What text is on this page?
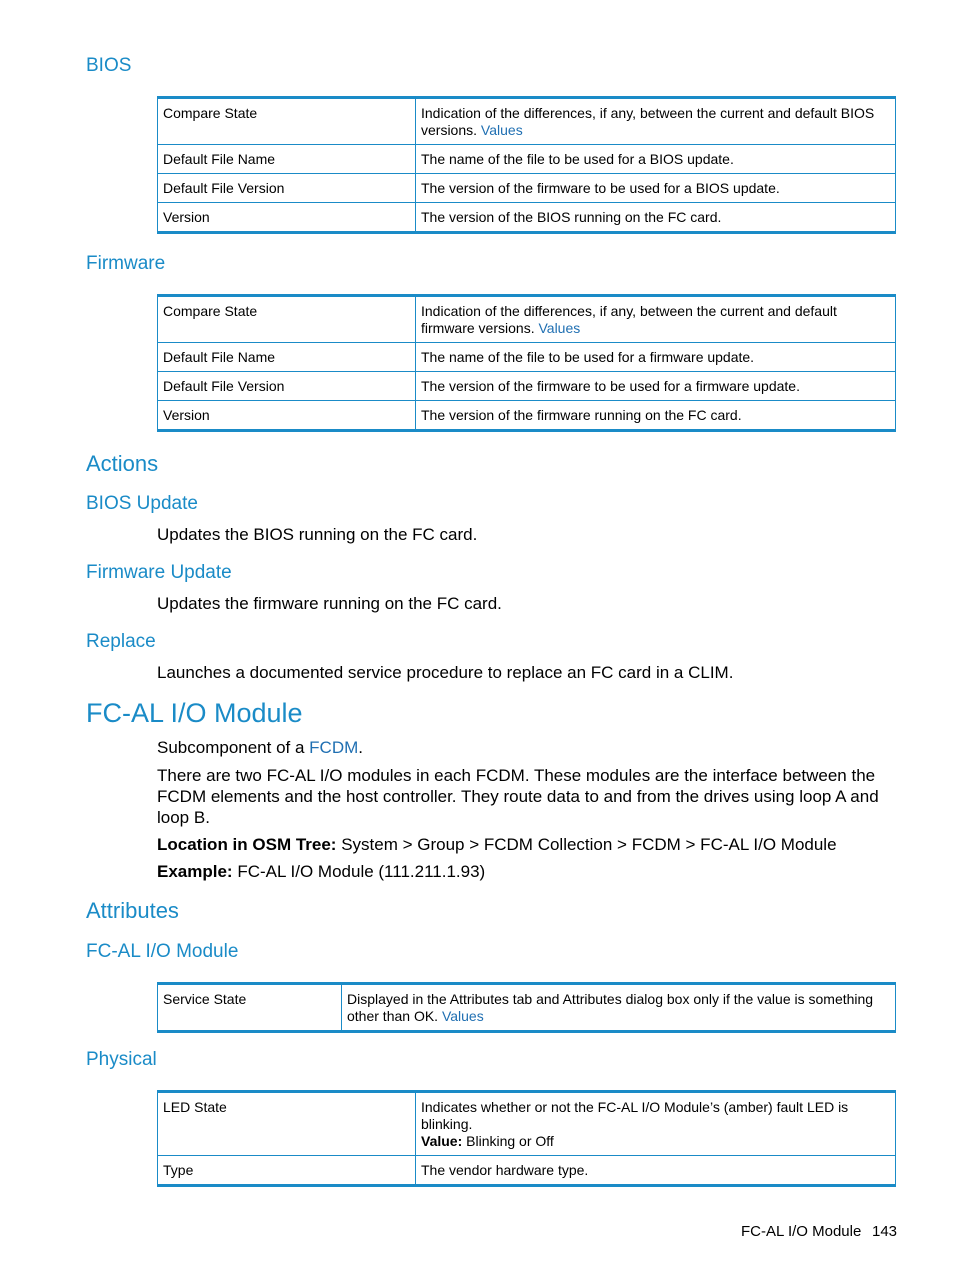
BIOS
Compare State	Indication of the differences, if any, between the current and default BIOS versions. Values
Default File Name	The name of the file to be used for a BIOS update.
Default File Version	The version of the firmware to be used for a BIOS update.
Version	The version of the BIOS running on the FC card.
Firmware
Compare State	Indication of the differences, if any, between the current and default firmware versions. Values
Default File Name	The name of the file to be used for a firmware update.
Default File Version	The version of the firmware to be used for a firmware update.
Version	The version of the firmware running on the FC card.
Actions
BIOS Update
Updates the BIOS running on the FC card.
Firmware Update
Updates the firmware running on the FC card.
Replace
Launches a documented service procedure to replace an FC card in a CLIM.
FC-AL I/O Module
Subcomponent of a FCDM.
There are two FC-AL I/O modules in each FCDM. These modules are the interface between the FCDM elements and the host controller. They route data to and from the drives using loop A and loop B.
Location in OSM Tree: System > Group > FCDM Collection > FCDM > FC-AL I/O Module
Example: FC-AL I/O Module (111.211.1.93)
Attributes
FC-AL I/O Module
Service State	Displayed in the Attributes tab and Attributes dialog box only if the value is something other than OK. Values
Physical
LED State	Indicates whether or not the FC-AL I/O Module’s (amber) fault LED is blinking.
Value: Blinking or Off
Type	The vendor hardware type.
FC-AL I/O Module 143
